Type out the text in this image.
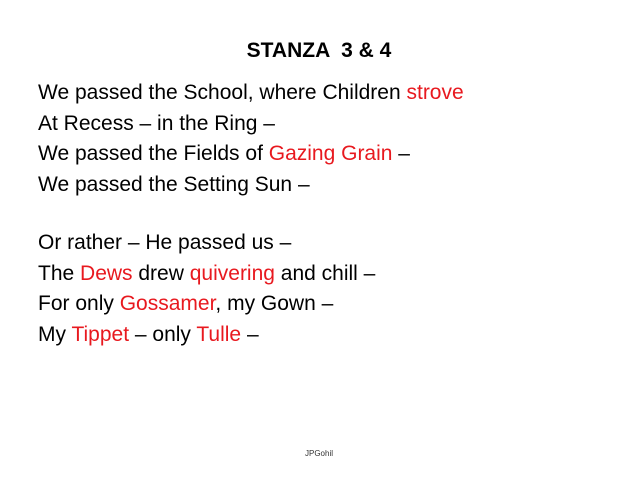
STANZA  3 & 4
We passed the School, where Children strove
At Recess – in the Ring –
We passed the Fields of Gazing Grain –
We passed the Setting Sun –
Or rather – He passed us –
The Dews drew quivering and chill –
For only Gossamer, my Gown –
My Tippet – only Tulle –
JPGohil
